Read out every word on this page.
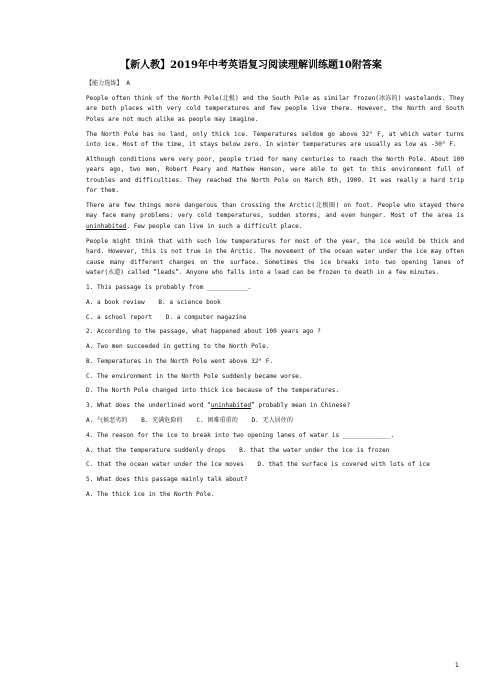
【新人教】2019年中考英语复习阅读理解训练题10附答案

【能力选练】 A

People often think of the North Pole(北极) and the South Pole as similar frozen(冰冻的) wastelands. They are both places with very cold temperatures and few people live there. However, the North and South Poles are not much alike as people may imagine.

The North Pole has no land, only thick ice. Temperatures seldom go above 32° F, at which water turns into ice. Most of the time, it stays below zero. In winter temperatures are usually as low as -30° F.

Although conditions were very poor, people tried for many centuries to reach the North Pole. About 100 years ago, two men, Robert Peary and Mathew Henson, were able to get to this environment full of troubles and difficulties. They reached the North Pole on March 8th, 1909. It was really a hard trip for them.

There are few things more dangerous than crossing the Arctic(北极圈) on foot. People who stayed there may face many problems: very cold temperatures, sudden storms, and even hunger. Most of the area is uninhabited. Few people can live in such a difficult place.

People might think that with such low temperatures for most of the year, the ice would be thick and hard. However, this is not true in the Arctic. The movement of the ocean water under the ice may often cause many different changes on the surface. Sometimes the ice breaks into two opening lanes of water(水道) called “leads”. Anyone who falls into a lead can be frozen to death in a few minutes.

1. This passage is probably from ___________.
A. a book review B. a science book
C. a school report D. a computer magazine
2. According to the passage, what happened about 100 years ago ?
A. Two men succeeded in getting to the North Pole.
B. Temperatures in the North Pole went above 32° F.
C. The environment in the North Pole suddenly became worse.
D. The North Pole changed into thick ice because of the temperatures.
3. What does the underlined word “uninhabited” probably mean in Chinese?
A. 气候恶劣的 B. 充满危险的 C. 困难重重的 D. 无人居住的
4. The reason for the ice to break into two opening lanes of water is _____________.
A. that the temperature suddenly drops B. that the water under the ice is frozen
C. that the ocean water under the ice moves D. that the surface is covered with lots of ice
5. What does this passage mainly talk about?
A. The thick ice in the North Pole.
1
